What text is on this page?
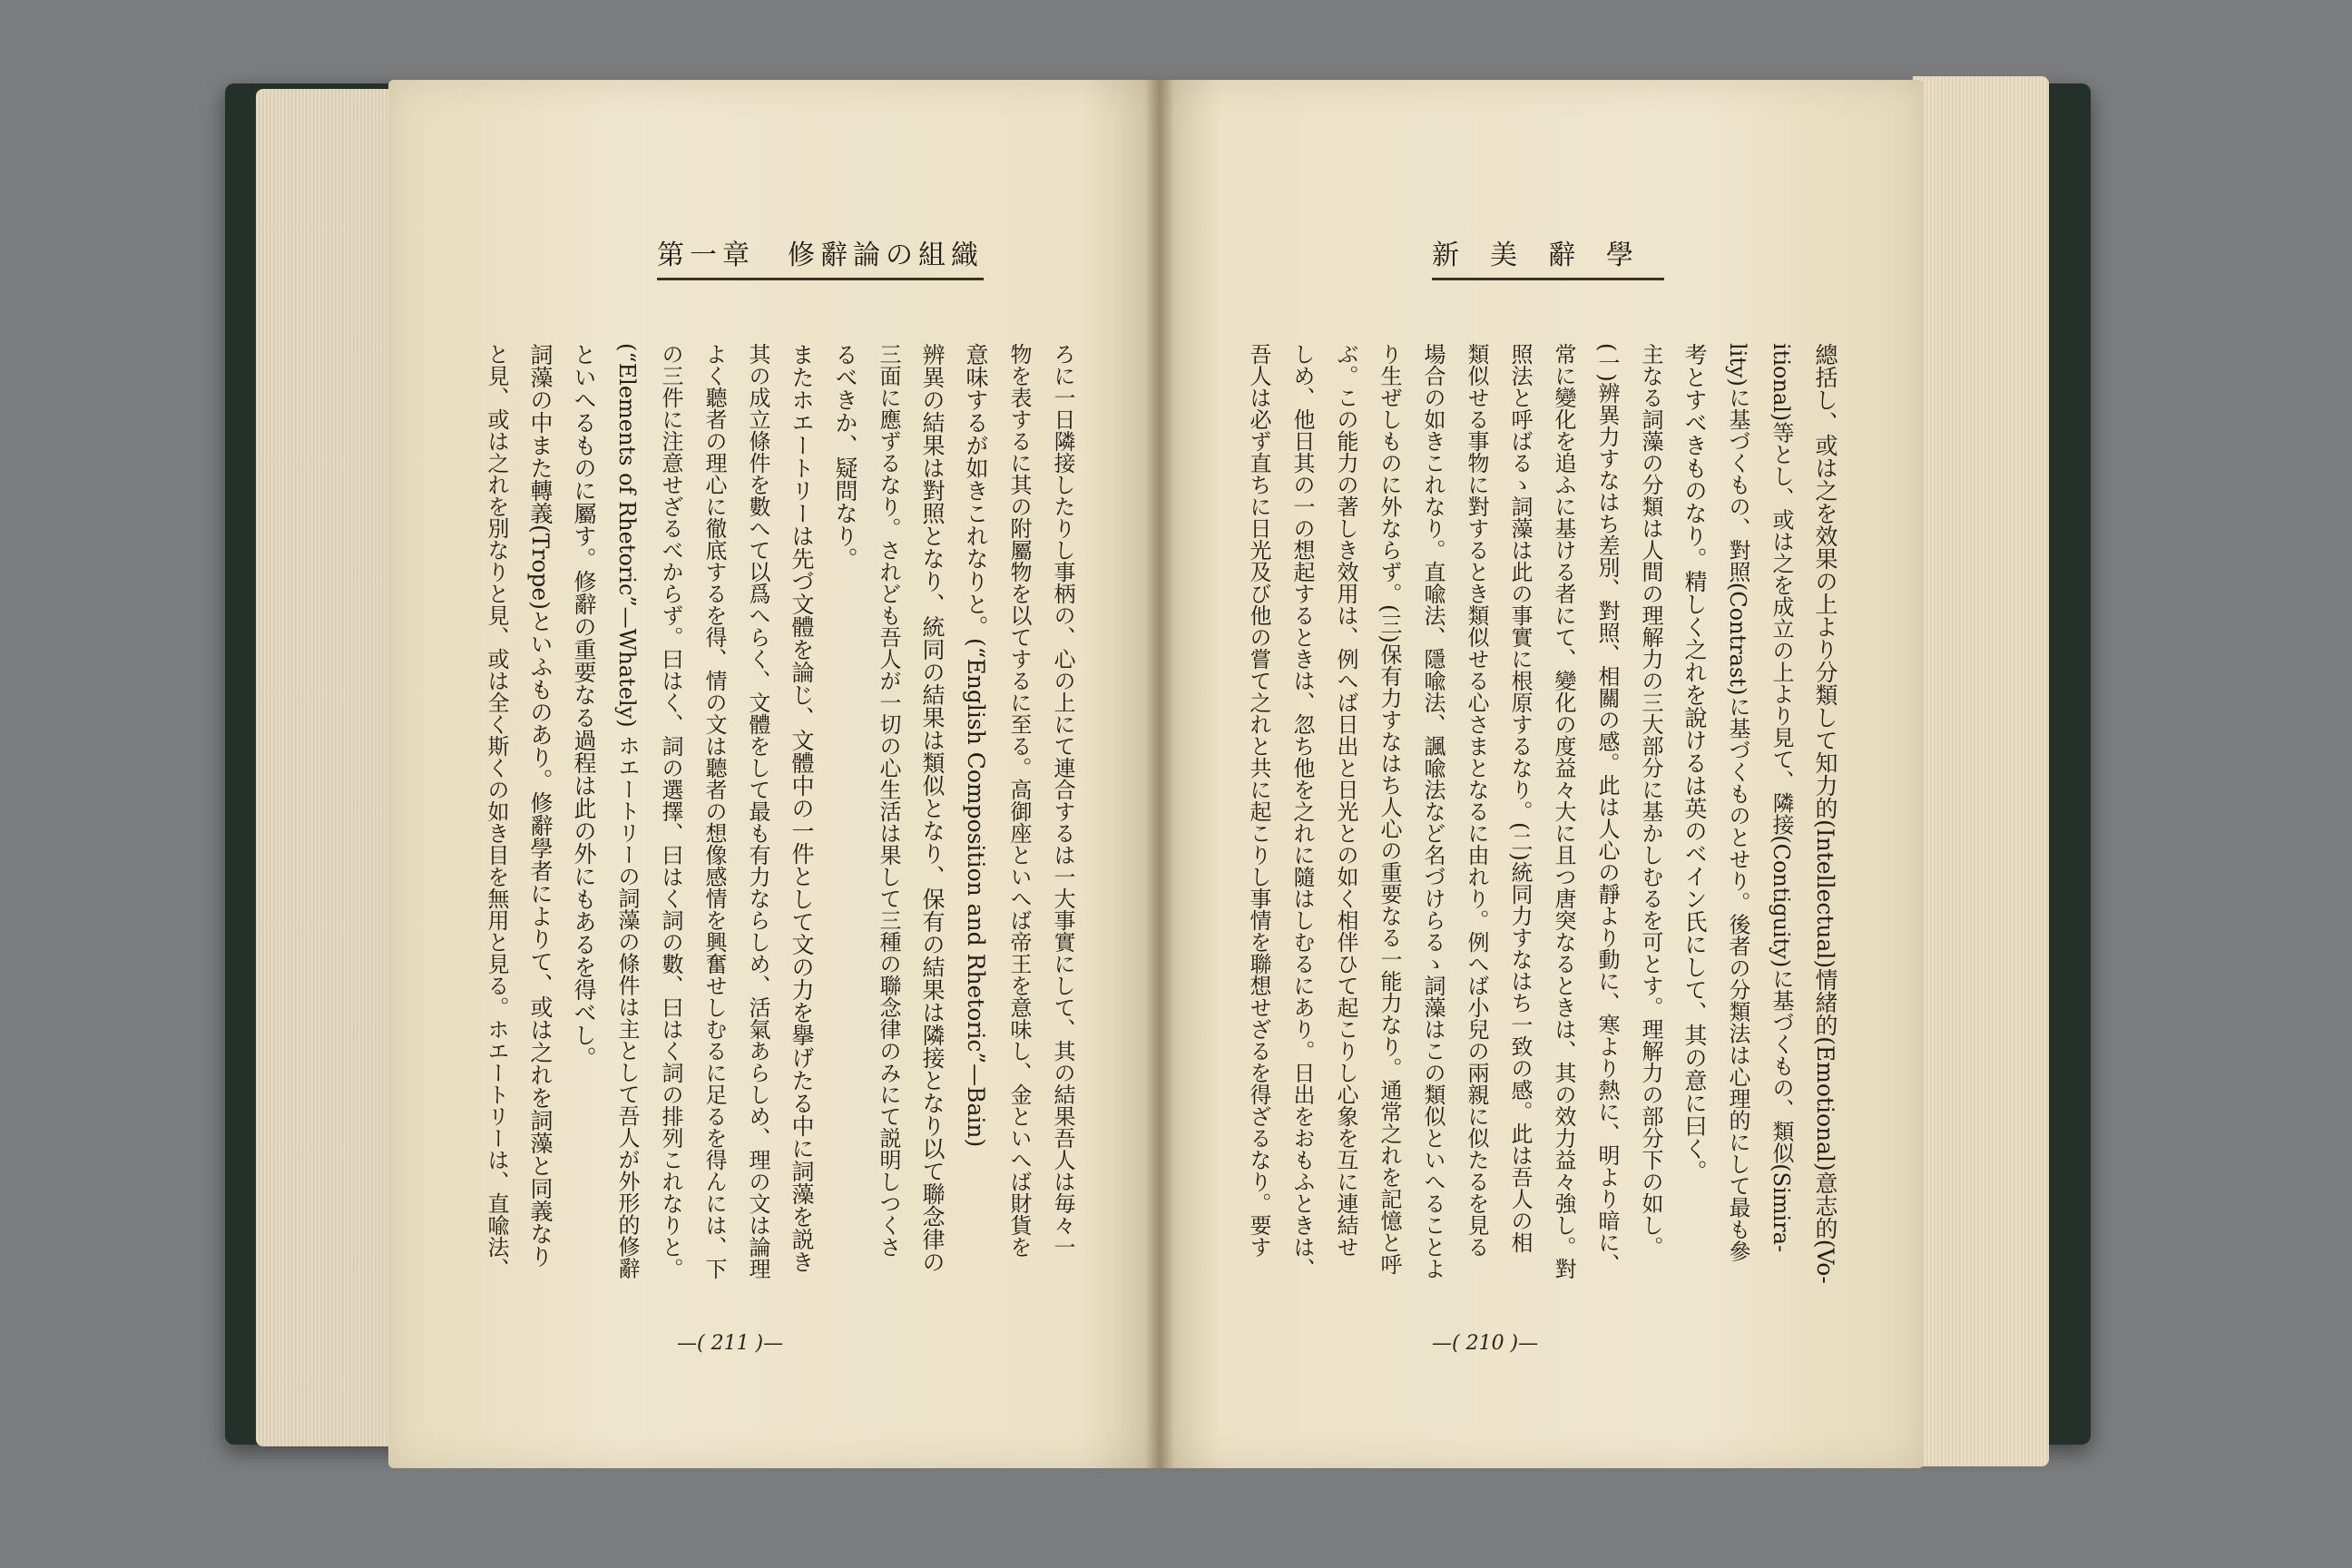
第一章　修辭論の組織
ろに一日隣接したりし事柄の、心の上にて連合するは一大事實にして、其の結果吾人は毎々一
物を表するに其の附屬物を以てするに至る。高御座といへば帝王を意味し、金といへば財貨を
意味するが如きこれなりと。(“English Composition and Rhetoric”—Bain)
辨異の結果は對照となり、統同の結果は類似となり、保有の結果は隣接となり以て聯念律の
三面に應ずるなり。されども吾人が一切の心生活は果して三種の聯念律のみにて説明しつくさ
るべきか、疑問なり。
またホエートリーは先づ文體を論じ、文體中の一件として文の力を擧げたる中に詞藻を説き
其の成立條件を數へて以爲へらく、文體をして最も有力ならしめ、活氣あらしめ、理の文は論理
よく聽者の理心に徹底するを得、情の文は聽者の想像感情を興奮せしむるに足るを得んには、下
の三件に注意せざるべからず。曰はく、詞の選擇、曰はく詞の數、曰はく詞の排列これなりと。
(“Elements of Rhetoric”—Whately) ホエートリーの詞藻の條件は主として吾人が外形的修辭
といへるものに屬す。修辭の重要なる過程は此の外にもあるを得べし。
詞藻の中また轉義(Trope)といふものあり。修辭學者によりて、或は之れを詞藻と同義なり
と見、或は之れを別なりと見、或は全く斯くの如き目を無用と見る。ホエートリーは、直喩法、
—( 211 )—
新美辭學
總括し、或は之を效果の上より分類して知力的(Intellectual)情緒的(Emotional)意志的(Vo-
itional)等とし、或は之を成立の上より見て、隣接(Contiguity)に基づくもの、類似(Simira-
lity)に基づくもの、對照(Contrast)に基づくものとせり。後者の分類法は心理的にして最も參
考とすべきものなり。精しく之れを說けるは英のベイン氏にして、其の意に曰く。
主なる詞藻の分類は人間の理解力の三大部分に基かしむるを可とす。理解力の部分下の如し。
(一)辨異力すなはち差別、對照、相關の感。此は人心の靜より動に、寒より熱に、明より暗に、
常に變化を追ふに基ける者にて、變化の度益々大に且つ唐突なるときは、其の效力益々強し。對
照法と呼ばるゝ詞藻は此の事實に根原するなり。(二)統同力すなはち一致の感。此は吾人の相
類似せる事物に對するとき類似せる心さまとなるに由れり。例へば小兒の兩親に似たるを見る
場合の如きこれなり。直喩法、隱喩法、諷喩法など名づけらるゝ詞藻はこの類似といへることよ
り生ぜしものに外ならず。(三)保有力すなはち人心の重要なる一能力なり。通常之れを記憶と呼
ぶ。この能力の著しき效用は、例へば日出と日光との如く相伴ひて起こりし心象を互に連結せ
しめ、他日其の一の想起するときは、忽ち他を之れに隨はしむるにあり。日出をおもふときは、
吾人は必ず直ちに日光及び他の嘗て之れと共に起こりし事情を聯想せざるを得ざるなり。要す
—( 210 )—
